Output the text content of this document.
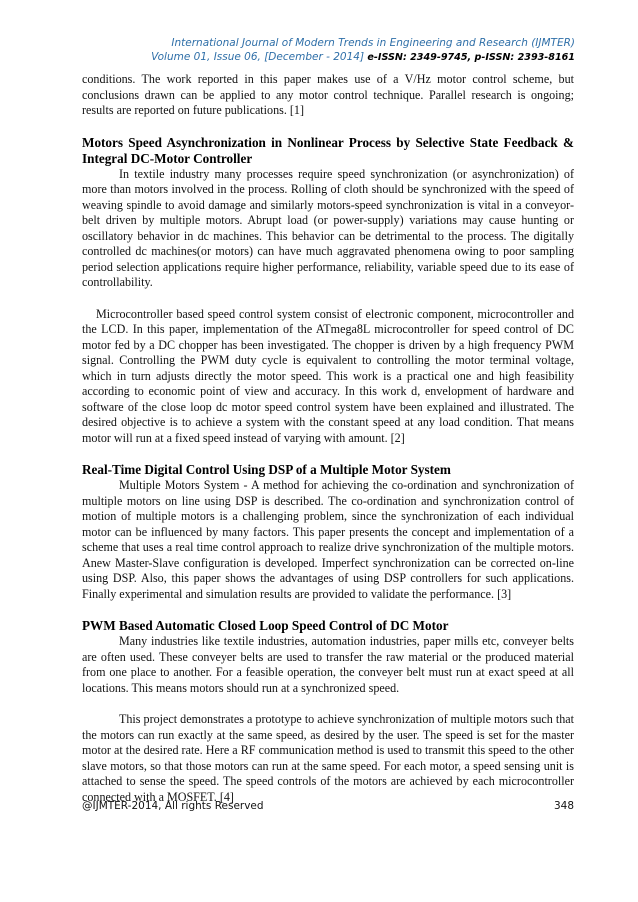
International Journal of Modern Trends in Engineering and Research (IJMTER)
Volume 01, Issue 06, [December - 2014] e-ISSN: 2349-9745, p-ISSN: 2393-8161

conditions. The work reported in this paper makes use of a V/Hz motor control scheme, but conclusions drawn can be applied to any motor control technique. Parallel research is ongoing; results are reported on future publications. [1]

Motors Speed Asynchronization in Nonlinear Process by Selective State Feedback & Integral DC-Motor Controller

In textile industry many processes require speed synchronization (or asynchronization) of more than motors involved in the process. Rolling of cloth should be synchronized with the speed of weaving spindle to avoid damage and similarly motors-speed synchronization is vital in a conveyor-belt driven by multiple motors. Abrupt load (or power-supply) variations may cause hunting or oscillatory behavior in dc machines. This behavior can be detrimental to the process. The digitally controlled dc machines(or motors) can have much aggravated phenomena owing to poor sampling period selection applications require higher performance, reliability, variable speed due to its ease of controllability.

Microcontroller based speed control system consist of electronic component, microcontroller and the LCD. In this paper, implementation of the ATmega8L microcontroller for speed control of DC motor fed by a DC chopper has been investigated. The chopper is driven by a high frequency PWM signal. Controlling the PWM duty cycle is equivalent to controlling the motor terminal voltage, which in turn adjusts directly the motor speed. This work is a practical one and high feasibility according to economic point of view and accuracy. In this work d, envelopment of hardware and software of the close loop dc motor speed control system have been explained and illustrated. The desired objective is to achieve a system with the constant speed at any load condition. That means motor will run at a fixed speed instead of varying with amount. [2]

Real-Time Digital Control Using DSP of a Multiple Motor System

Multiple Motors System - A method for achieving the co-ordination and synchronization of multiple motors on line using DSP is described. The co-ordination and synchronization control of motion of multiple motors is a challenging problem, since the synchronization of each individual motor can be influenced by many factors. This paper presents the concept and implementation of a scheme that uses a real time control approach to realize drive synchronization of the multiple motors. Anew Master-Slave configuration is developed. Imperfect synchronization can be corrected on-line using DSP. Also, this paper shows the advantages of using DSP controllers for such applications. Finally experimental and simulation results are provided to validate the performance. [3]

PWM Based Automatic Closed Loop Speed Control of DC Motor

Many industries like textile industries, automation industries, paper mills etc, conveyer belts are often used. These conveyer belts are used to transfer the raw material or the produced material from one place to another. For a feasible operation, the conveyer belt must run at exact speed at all locations. This means motors should run at a synchronized speed.

This project demonstrates a prototype to achieve synchronization of multiple motors such that the motors can run exactly at the same speed, as desired by the user. The speed is set for the master motor at the desired rate. Here a RF communication method is used to transmit this speed to the other slave motors, so that those motors can run at the same speed. For each motor, a speed sensing unit is attached to sense the speed. The speed controls of the motors are achieved by each microcontroller connected with a MOSFET. [4]

@IJMTER-2014, All rights Reserved	348
